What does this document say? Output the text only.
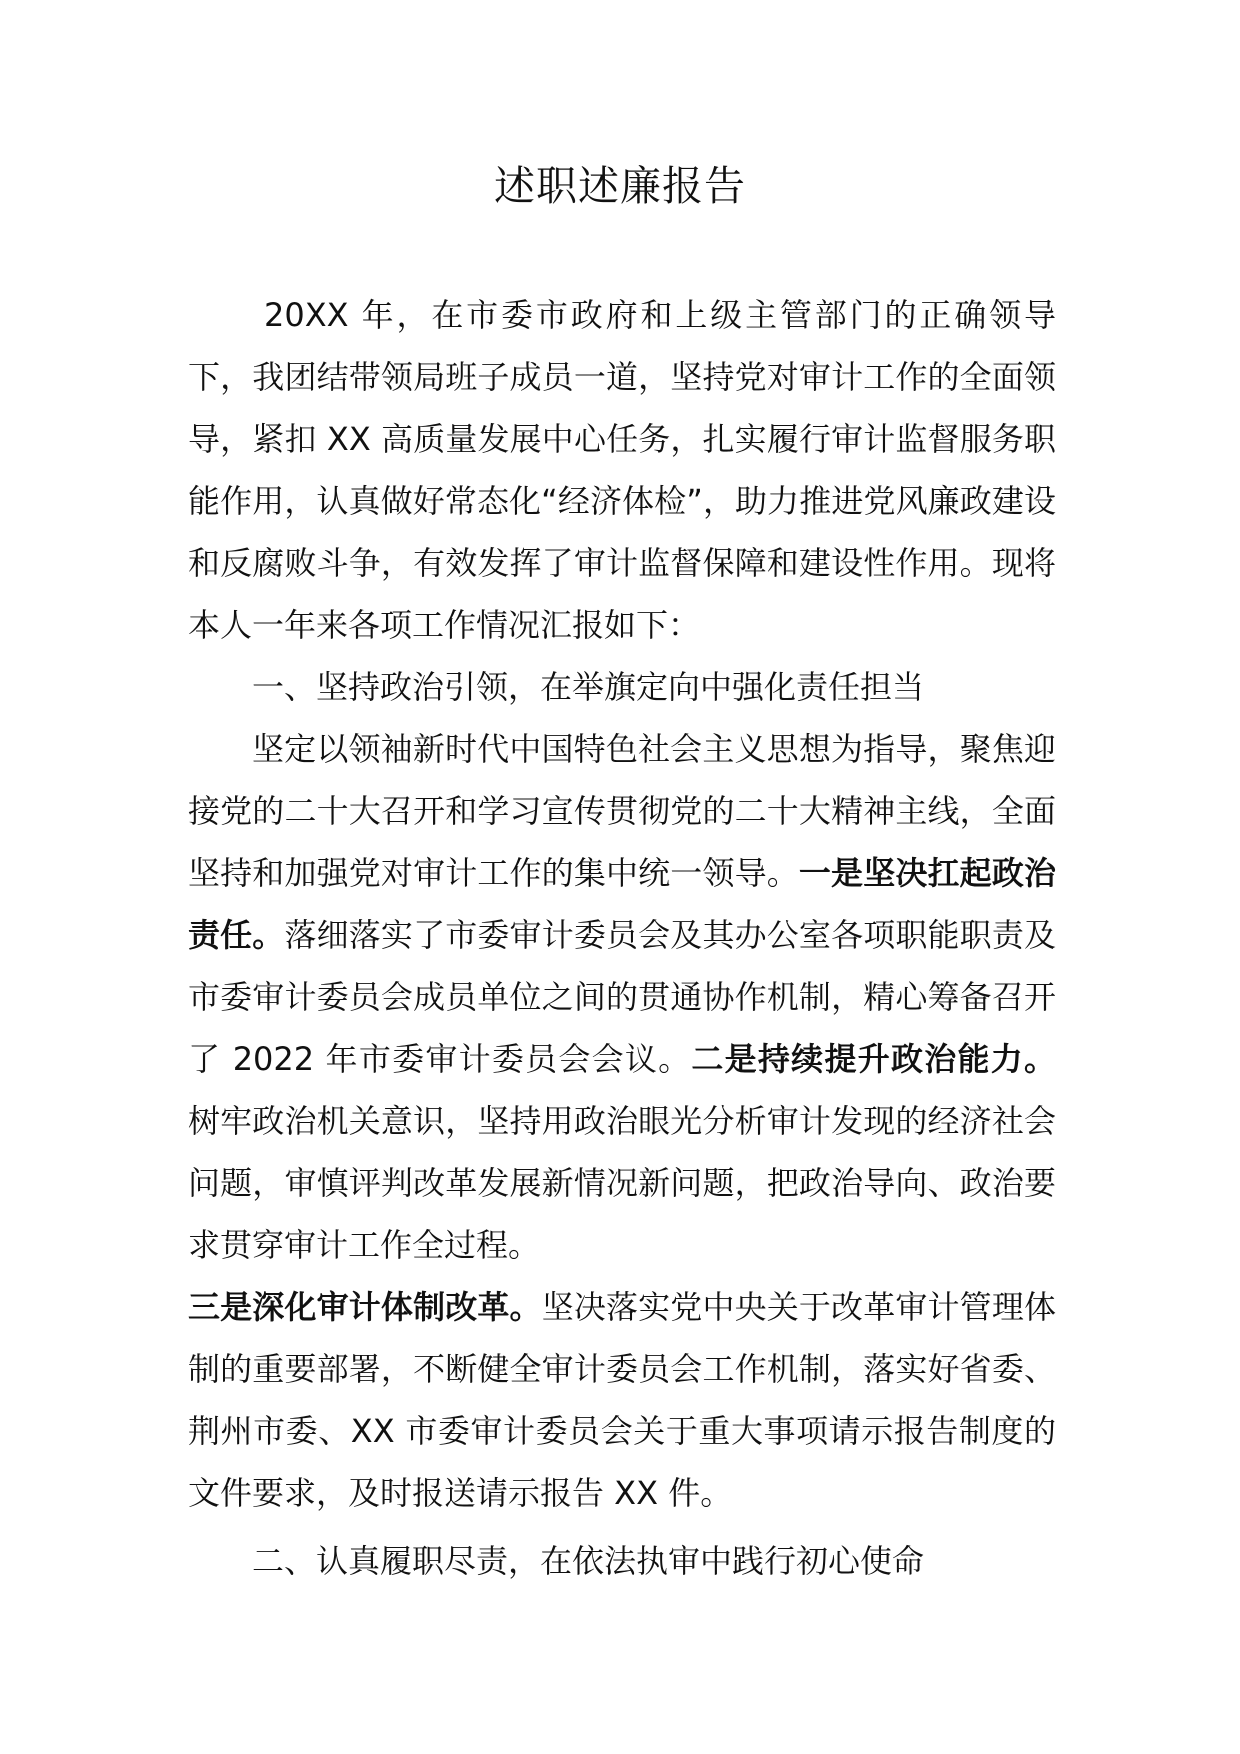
述职述廉报告

20XX 年，在市委市政府和上级主管部门的正确领导下，我团结带领局班子成员一道，坚持党对审计工作的全面领导，紧扣 XX 高质量发展中心任务，扎实履行审计监督服务职能作用，认真做好常态化“经济体检”，助力推进党风廉政建设和反腐败斗争，有效发挥了审计监督保障和建设性作用。现将本人一年来各项工作情况汇报如下：

一、坚持政治引领，在举旗定向中强化责任担当

坚定以领袖新时代中国特色社会主义思想为指导，聚焦迎接党的二十大召开和学习宣传贯彻党的二十大精神主线，全面坚持和加强党对审计工作的集中统一领导。一是坚决扛起政治责任。落细落实了市委审计委员会及其办公室各项职能职责及市委审计委员会成员单位之间的贯通协作机制，精心筹备召开了 2022 年市委审计委员会会议。二是持续提升政治能力。树牢政治机关意识，坚持用政治眼光分析审计发现的经济社会问题，审慎评判改革发展新情况新问题，把政治导向、政治要求贯穿审计工作全过程。
三是深化审计体制改革。坚决落实党中央关于改革审计管理体制的重要部署，不断健全审计委员会工作机制，落实好省委、荆州市委、XX 市委审计委员会关于重大事项请示报告制度的文件要求，及时报送请示报告 XX 件。

二、认真履职尽责，在依法执审中践行初心使命
